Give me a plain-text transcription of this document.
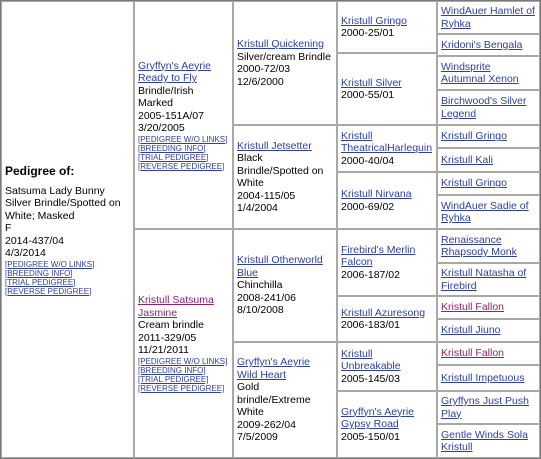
Pedigree of:
Satsuma Lady Bunny
Silver Brindle/Spotted on White; Masked
F
2014-437/04
4/3/2014
[PEDIGREE W/O LINKS]
[BREEDING INFO]
[TRIAL PEDIGREE]
[REVERSE PEDIGREE]
Gryffyn's Aeyrie Ready to Fly
Brindle/Irish Marked
2005-151A/07
3/20/2005
[PEDIGREE W/O LINKS]
[BREEDING INFO]
[TRIAL PEDIGREE]
[REVERSE PEDIGREE]
Kristull Satsuma Jasmine
Cream brindle
2011-329/05
11/21/2011
[PEDIGREE W/O LINKS]
[BREEDING INFO]
[TRIAL PEDIGREE]
[REVERSE PEDIGREE]
Kristull Quickening
Silver/cream Brindle
2000-72/03
12/6/2000
Kristull Jetsetter
Black Brindle/Spotted on White
2004-115/05
1/4/2004
Kristull Otherworld Blue
Chinchilla
2008-241/06
8/10/2008
Gryffyn's Aeyrie Wild Heart
Gold brindle/Extreme White
2009-262/04
7/5/2009
Kristull Gringo
2000-25/01
Kristull Silver
2000-55/01
Kristull TheatricalHarlequin
2000-40/04
Kristull Nirvana
2000-69/02
Firebird's Merlin Falcon
2006-187/02
Kristull Azuresong
2006-183/01
Kristull Unbreakable
2005-145/03
Gryffyn's Aeyrie Gypsy Road
2005-150/01
WindAuer Hamlet of Ryhka
Kridoni's Bengala
Windsprite Autumnal Xenon
Birchwood's Silver Legend
Kristull Gringo
Kristull Kali
Kristull Gringo
WindAuer Sadie of Ryhka
Renaissance Rhapsody Monk
Kristull Natasha of Firebird
Kristull Fallon
Kristull Jiuno
Kristull Fallon
Kristull Impetuous
Gryffyns Just Push Play
Gentle Winds Sola Kristull
